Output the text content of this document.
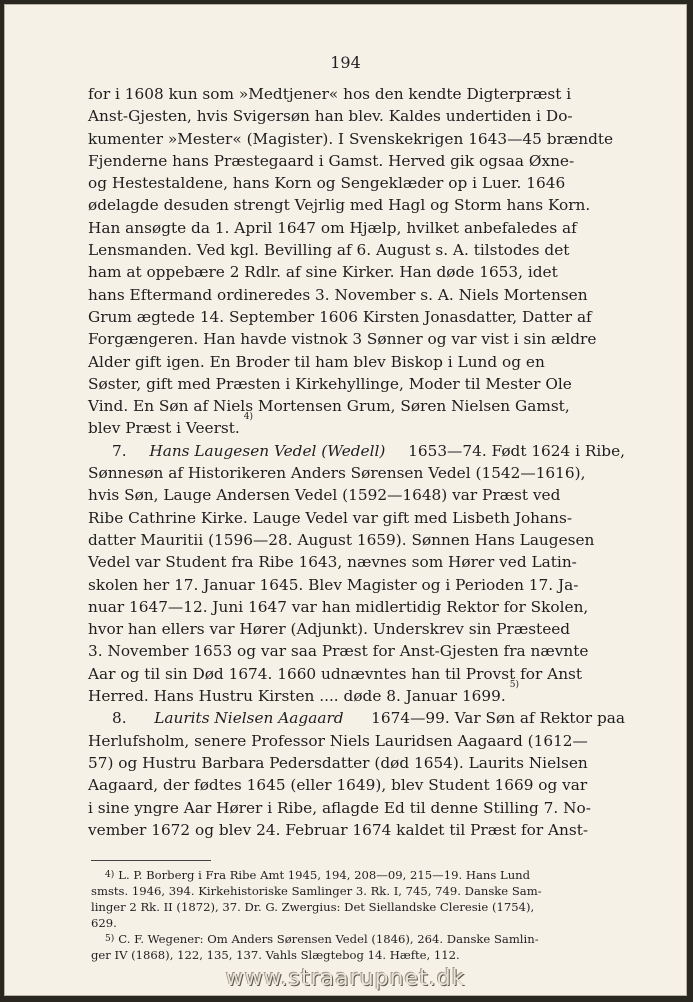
194
for i 1608 kun som »Medtjener« hos den kendte Digterpræst i
Anst-Gjesten, hvis Svigersøn han blev. Kaldes undertiden i Do-
kumenter »Mester« (Magister). I Svenskekrigen 1643—45 brændte
Fjenderne hans Præstegaard i Gamst. Herved gik ogsaa Øxne-
og Hestestaldene, hans Korn og Sengeklæder op i Luer. 1646
ødelagde desuden strengt Vejrlig med Hagl og Storm hans Korn.
Han ansøgte da 1. April 1647 om Hjælp, hvilket anbefaledes af
Lensmanden. Ved kgl. Bevilling af 6. August s. A. tilstodes det
ham at oppebære 2 Rdlr. af sine Kirker. Han døde 1653, idet
hans Eftermand ordineredes 3. November s. A. Niels Mortensen
Grum ægtede 14. September 1606 Kirsten Jonasdatter, Datter af
Forgængeren. Han havde vistnok 3 Sønner og var vist i sin ældre
Alder gift igen. En Broder til ham blev Biskop i Lund og en
Søster, gift med Præsten i Kirkehyllinge, Moder til Mester Ole
Vind. En Søn af Niels Mortensen Grum, Søren Nielsen Gamst,
blev Præst i Veerst.
4)
7. Hans Laugesen Vedel (Wedell) 1653—74. Født 1624 i Ribe,
Sønnesøn af Historikeren Anders Sørensen Vedel (1542—1616),
hvis Søn, Lauge Andersen Vedel (1592—1648) var Præst ved
Ribe Cathrine Kirke. Lauge Vedel var gift med Lisbeth Johans-
datter Mauritii (1596—28. August 1659). Sønnen Hans Laugesen
Vedel var Student fra Ribe 1643, nævnes som Hører ved Latin-
skolen her 17. Januar 1645. Blev Magister og i Perioden 17. Ja-
nuar 1647—12. Juni 1647 var han midlertidig Rektor for Skolen,
hvor han ellers var Hører (Adjunkt). Underskrev sin Præsteed
3. November 1653 og var saa Præst for Anst-Gjesten fra nævnte
Aar og til sin Død 1674. 1660 udnævntes han til Provst for Anst
Herred. Hans Hustru Kirsten .... døde 8. Januar 1699.
5)
8. Laurits Nielsen Aagaard 1674—99. Var Søn af Rektor paa
Herlufsholm, senere Professor Niels Lauridsen Aagaard (1612—
57) og Hustru Barbara Pedersdatter (død 1654). Laurits Nielsen
Aagaard, der fødtes 1645 (eller 1649), blev Student 1669 og var
i sine yngre Aar Hører i Ribe, aflagde Ed til denne Stilling 7. No-
vember 1672 og blev 24. Februar 1674 kaldet til Præst for Anst-
4) L. P. Borberg i Fra Ribe Amt 1945, 194, 208—09, 215—19. Hans Lund
smsts. 1946, 394. Kirkehistoriske Samlinger 3. Rk. I, 745, 749. Danske Sam-
linger 2 Rk. II (1872), 37. Dr. G. Zwergius: Det Siellandske Cleresie (1754),
629.
5) C. F. Wegener: Om Anders Sørensen Vedel (1846), 264. Danske Samlin-
ger IV (1868), 122, 135, 137. Vahls Slægtebog 14. Hæfte, 112.
www.straarupnet.dk
